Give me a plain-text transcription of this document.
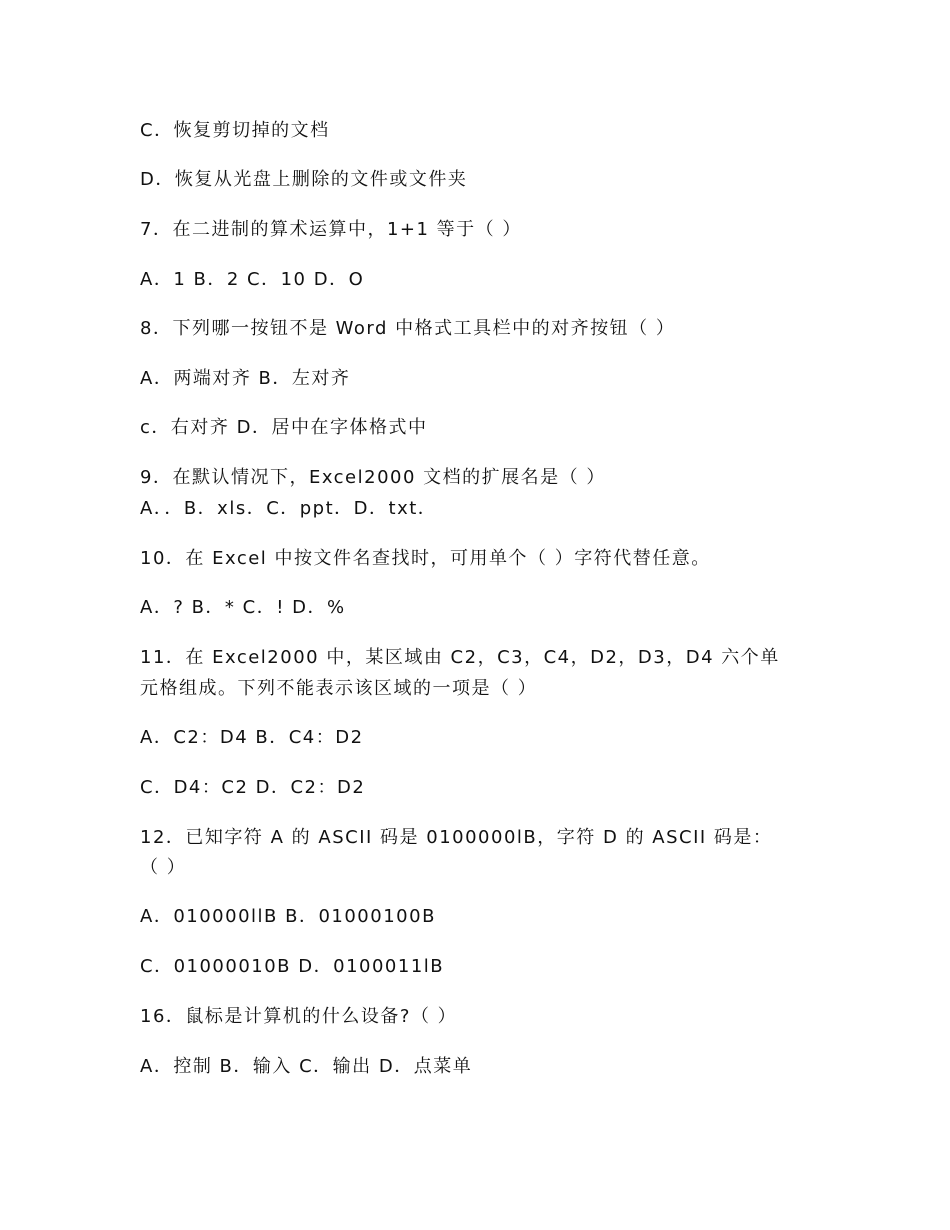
C．恢复剪切掉的文档
D．恢复从光盘上删除的文件或文件夹
7．在二进制的算术运算中，1+1 等于（ ）
A．1 B．2 C．10 D．O
8．下列哪一按钮不是 Word 中格式工具栏中的对齐按钮（ ）
A．两端对齐 B．左对齐
c．右对齐 D．居中在字体格式中
9．在默认情况下，Excel2000 文档的扩展名是（ ）
A．．B．xls．C．ppt．D．txt．
10．在 Excel 中按文件名查找时，可用单个（ ）字符代替任意。
A．? B．* C．! D．%
11．在 Excel2000 中，某区域由 C2，C3，C4，D2，D3，D4 六个单
元格组成。下列不能表示该区域的一项是（ ）
A．C2：D4 B．C4：D2
C．D4：C2 D．C2：D2
12．已知字符 A 的 ASCII 码是 0100000lB，字符 D 的 ASCII 码是：
（ ）
A．010000llB B．01000100B
C．01000010B D．0100011lB
16．鼠标是计算机的什么设备?（ ）
A．控制 B．输入 C．输出 D．点菜单
